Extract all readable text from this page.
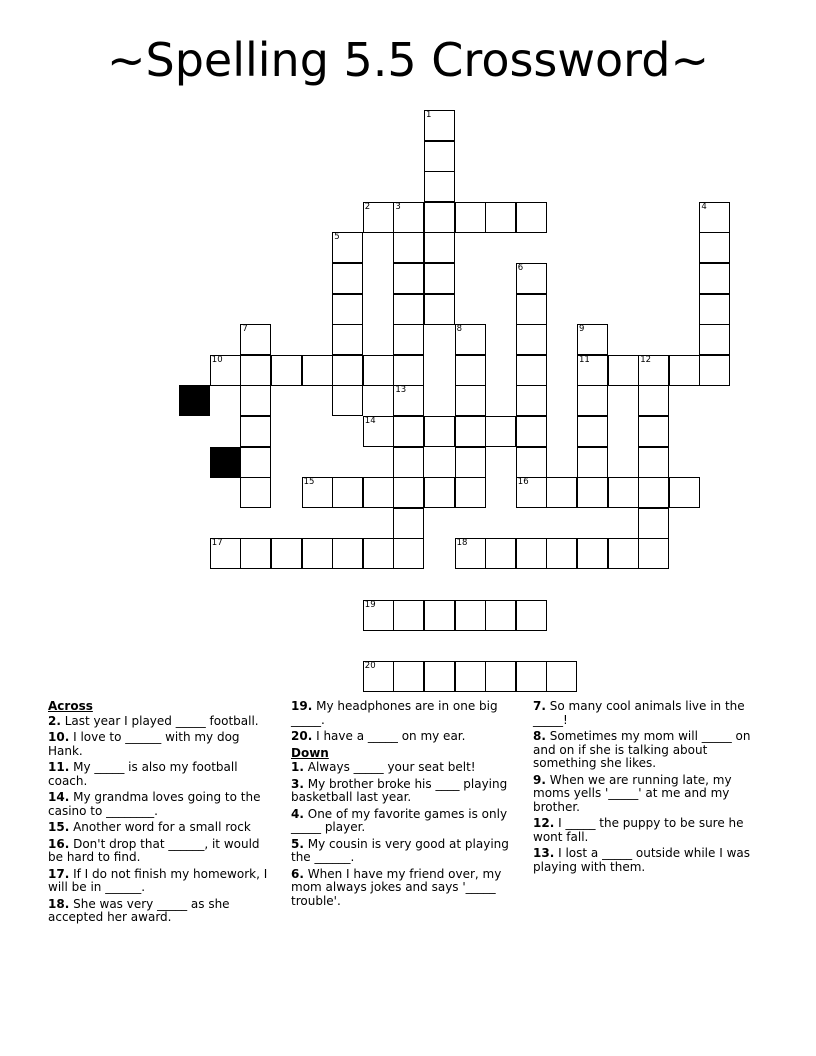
~Spelling 5.5 Crossword~
1
2	3	4
5
6
7	8	9
11
10	12
13
14
15	16
17	18
19
20

Across

2. Last year I played _____ football.

10. I love to ______ with my dog Hank.

11. My _____ is also my football coach.

14. My grandma loves going to the casino to ________.

15. Another word for a small rock

16. Don't drop that ______, it would be hard to find.

17. If I do not finish my homework, I will be in ______.

18. She was very _____ as she accepted her award.

19. My headphones are in one big _____.

20. I have a _____ on my ear.

Down

1. Always _____ your seat belt!

3. My brother broke his ____ playing basketball last year.

4. One of my favorite games is only _____ player.

5. My cousin is very good at playing the ______.

6. When I have my friend over, my mom always jokes and says '_____ trouble'.

7. So many cool animals live in the _____!

8. Sometimes my mom will _____ on and on if she is talking about something she likes.

9. When we are running late, my moms yells '_____' at me and my brother.

12. I _____ the puppy to be sure he wont fall.

13. I lost a _____ outside while I was playing with them.
